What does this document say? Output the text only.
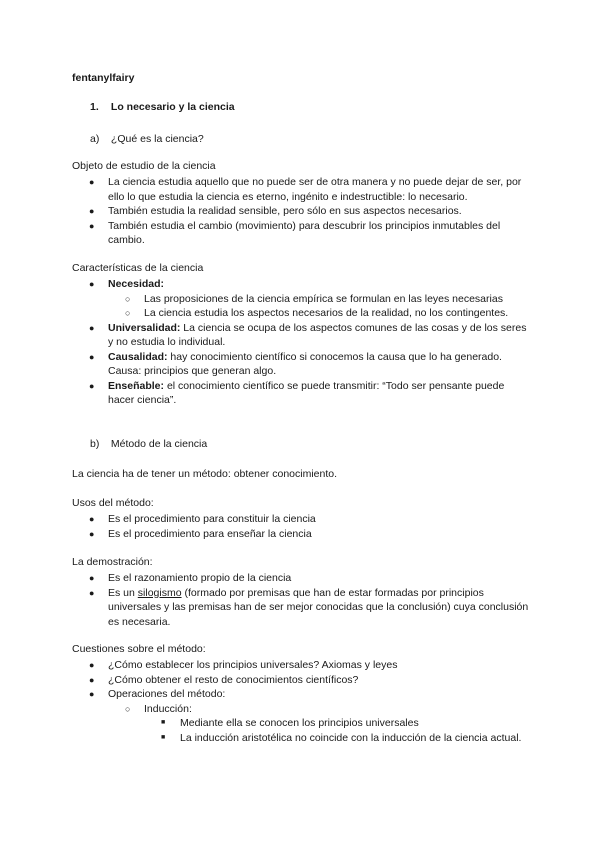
fentanylfairy
1. Lo necesario y la ciencia
a) ¿Qué es la ciencia?
Objeto de estudio de la ciencia
● La ciencia estudia aquello que no puede ser de otra manera y no puede dejar de ser, por ello lo que estudia la ciencia es eterno, ingénito e indestructible: lo necesario.
● También estudia la realidad sensible, pero sólo en sus aspectos necesarios.
● También estudia el cambio (movimiento) para descubrir los principios inmutables del cambio.
Características de la ciencia
● Necesidad:
○ Las proposiciones de la ciencia empírica se formulan en las leyes necesarias
○ La ciencia estudia los aspectos necesarios de la realidad, no los contingentes.
● Universalidad: La ciencia se ocupa de los aspectos comunes de las cosas y de los seres y no estudia lo individual.
● Causalidad: hay conocimiento científico si conocemos la causa que lo ha generado. Causa: principios que generan algo.
● Enseñable: el conocimiento científico se puede transmitir: “Todo ser pensante puede hacer ciencia”.
b) Método de la ciencia
La ciencia ha de tener un método: obtener conocimiento.
Usos del método:
● Es el procedimiento para constituir la ciencia
● Es el procedimiento para enseñar la ciencia
La demostración:
● Es el razonamiento propio de la ciencia
● Es un silogismo (formado por premisas que han de estar formadas por principios universales y las premisas han de ser mejor conocidas que la conclusión) cuya conclusión es necesaria.
Cuestiones sobre el método:
● ¿Cómo establecer los principios universales? Axiomas y leyes
● ¿Cómo obtener el resto de conocimientos científicos?
● Operaciones del método:
○ Inducción:
■ Mediante ella se conocen los principios universales
■ La inducción aristotélica no coincide con la inducción de la ciencia actual.
